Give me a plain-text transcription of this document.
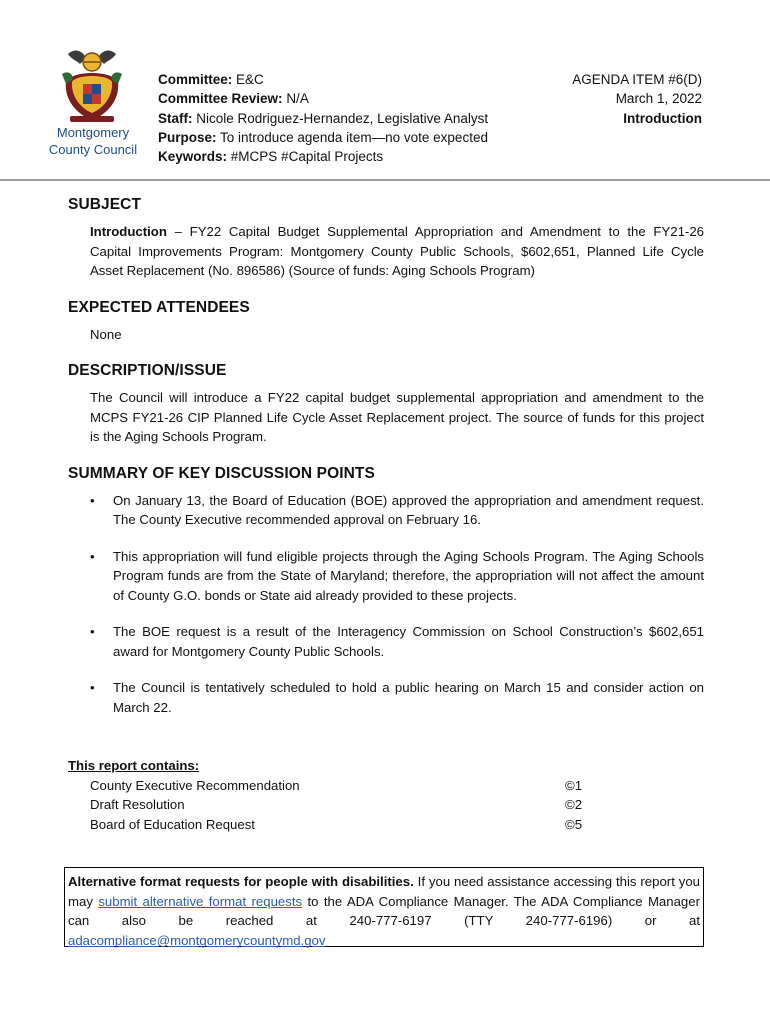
Montgomery
County Council
Committee: E&C
Committee Review: N/A
Staff: Nicole Rodriguez-Hernandez, Legislative Analyst
Purpose: To introduce agenda item—no vote expected
Keywords: #MCPS #Capital Projects
AGENDA ITEM #6(D)
March 1, 2022
Introduction
SUBJECT
Introduction – FY22 Capital Budget Supplemental Appropriation and Amendment to the FY21-26 Capital Improvements Program: Montgomery County Public Schools, $602,651, Planned Life Cycle Asset Replacement (No. 896586) (Source of funds: Aging Schools Program)
EXPECTED ATTENDEES
None
DESCRIPTION/ISSUE
The Council will introduce a FY22 capital budget supplemental appropriation and amendment to the MCPS FY21-26 CIP Planned Life Cycle Asset Replacement project. The source of funds for this project is the Aging Schools Program.
SUMMARY OF KEY DISCUSSION POINTS
• On January 13, the Board of Education (BOE) approved the appropriation and amendment request. The County Executive recommended approval on February 16.
• This appropriation will fund eligible projects through the Aging Schools Program. The Aging Schools Program funds are from the State of Maryland; therefore, the appropriation will not affect the amount of County G.O. bonds or State aid already provided to these projects.
• The BOE request is a result of the Interagency Commission on School Construction’s $602,651 award for Montgomery County Public Schools.
• The Council is tentatively scheduled to hold a public hearing on March 15 and consider action on March 22.
This report contains:
County Executive Recommendation	©1
Draft Resolution	©2
Board of Education Request	©5
Alternative format requests for people with disabilities. If you need assistance accessing this report you may submit alternative format requests to the ADA Compliance Manager. The ADA Compliance Manager can also be reached at 240-777-6197 (TTY 240-777-6196) or at adacompliance@montgomerycountymd.gov
